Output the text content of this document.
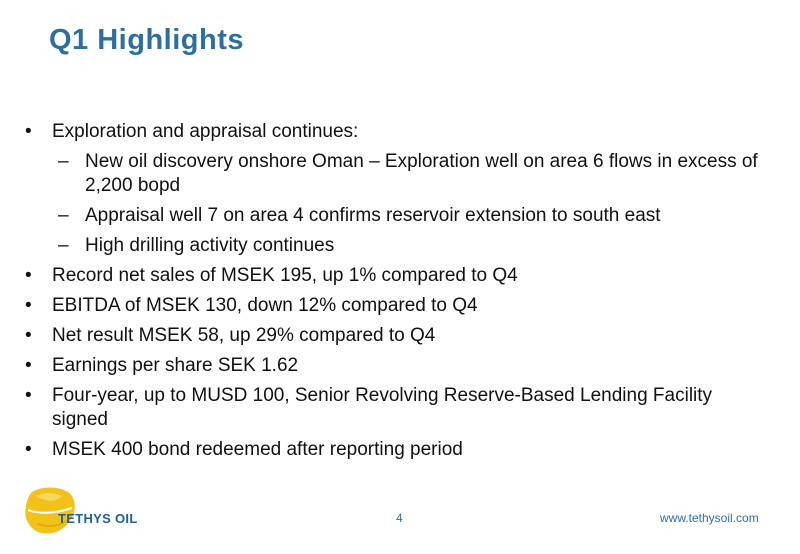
Q1 Highlights
• Exploration and appraisal continues:
– New oil discovery onshore Oman – Exploration well on area 6 flows in excess of 2,200 bopd
– Appraisal well 7 on area 4 confirms reservoir extension to south east
– High drilling activity continues
• Record net sales of MSEK 195, up 1% compared to Q4
• EBITDA of MSEK 130, down 12% compared to Q4
• Net result MSEK 58, up 29% compared to Q4
• Earnings per share SEK 1.62
• Four-year, up to MUSD 100, Senior Revolving Reserve-Based Lending Facility signed
• MSEK 400 bond redeemed after reporting period
TETHYS OIL	4	www.tethysoil.com
